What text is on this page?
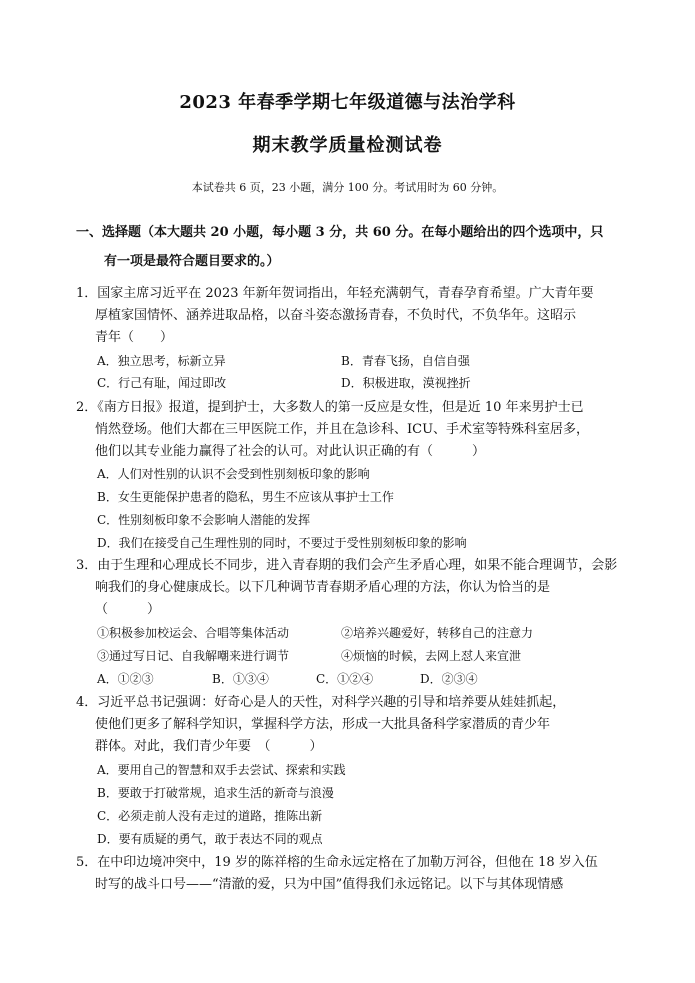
2023 年春季学期七年级道德与法治学科
期末教学质量检测试卷
本试卷共 6 页，23 小题，满分 100 分。考试用时为 60 分钟。
一、选择题（本大题共 20 小题，每小题 3 分，共 60 分。在每小题给出的四个选项中，只
有一项是最符合题目要求的。）
1．国家主席习近平在 2023 年新年贺词指出，年轻充满朝气，青春孕育希望。广大青年要
厚植家国情怀、涵养进取品格，以奋斗姿态激扬青春，不负时代，不负华年。这昭示
青年（　　）
A．独立思考，标新立异	B．青春飞扬，自信自强
C．行己有耻，闻过即改	D．积极进取，漠视挫折
2．《南方日报》报道，提到护士，大多数人的第一反应是女性，但是近 10 年来男护士已
悄然登场。他们大都在三甲医院工作，并且在急诊科、ICU、手术室等特殊科室居多，
他们以其专业能力赢得了社会的认可。对此认识正确的有（　　　）
A．人们对性别的认识不会受到性别刻板印象的影响
B．女生更能保护患者的隐私，男生不应该从事护士工作
C．性别刻板印象不会影响人潜能的发挥
D．我们在接受自己生理性别的同时，不要过于受性别刻板印象的影响
3．由于生理和心理成长不同步，进入青春期的我们会产生矛盾心理，如果不能合理调节，会影
响我们的身心健康成长。以下几种调节青春期矛盾心理的方法，你认为恰当的是
（　　　）
①积极参加校运会、合唱等集体活动	②培养兴趣爱好，转移自己的注意力
③通过写日记、自我解嘲来进行调节	④烦恼的时候，去网上怼人来宣泄
A．①②③	B．①③④	C．①②④	D．②③④
4．习近平总书记强调：好奇心是人的天性，对科学兴趣的引导和培养要从娃娃抓起，
使他们更多了解科学知识，掌握科学方法，形成一大批具备科学家潜质的青少年
群体。对此，我们青少年要　（　　　）
A．要用自己的智慧和双手去尝试、探索和实践
B．要敢于打破常规，追求生活的新奇与浪漫
C．必须走前人没有走过的道路，推陈出新
D．要有质疑的勇气，敢于表达不同的观点
5．在中印边境冲突中，19 岁的陈祥榕的生命永远定格在了加勒万河谷，但他在 18 岁入伍
时写的战斗口号——“清澈的爱，只为中国”值得我们永远铭记。以下与其体现情感
